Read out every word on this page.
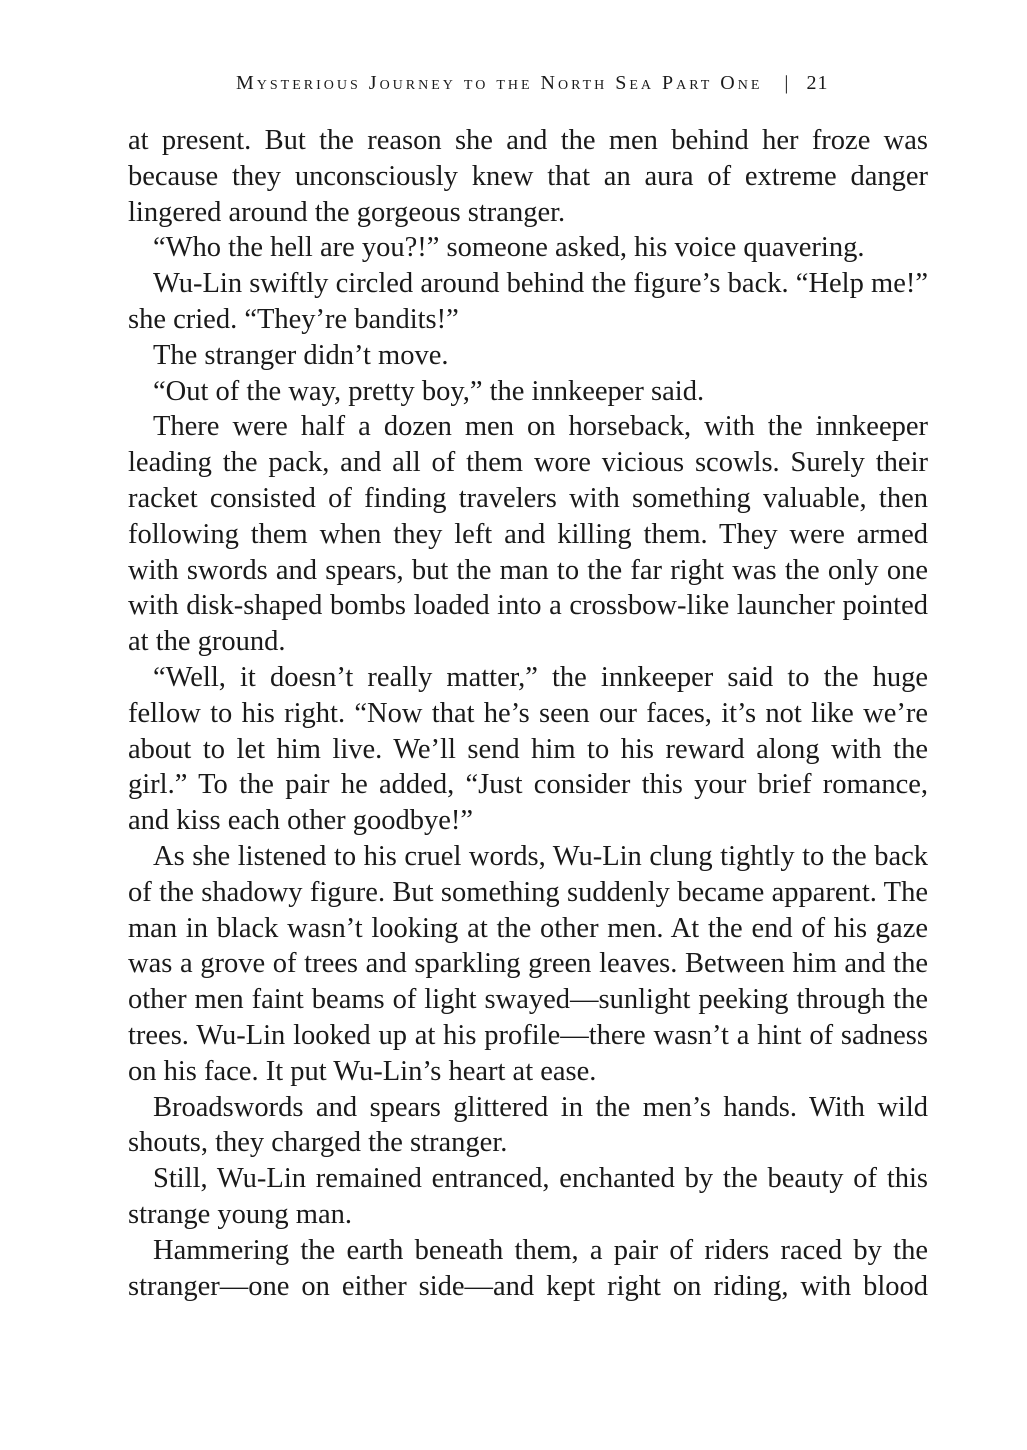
Mysterious Journey to the North Sea Part One | 21

at present. But the reason she and the men behind her froze was because they unconsciously knew that an aura of extreme danger lingered around the gorgeous stranger.

“Who the hell are you?!” someone asked, his voice quavering.

Wu-Lin swiftly circled around behind the figure’s back. “Help me!” she cried. “They’re bandits!”

The stranger didn’t move.

“Out of the way, pretty boy,” the innkeeper said.

There were half a dozen men on horseback, with the innkeeper leading the pack, and all of them wore vicious scowls. Surely their racket consisted of finding travelers with something valuable, then following them when they left and killing them. They were armed with swords and spears, but the man to the far right was the only one with disk-shaped bombs loaded into a crossbow-like launcher pointed at the ground.

“Well, it doesn’t really matter,” the innkeeper said to the huge fellow to his right. “Now that he’s seen our faces, it’s not like we’re about to let him live. We’ll send him to his reward along with the girl.” To the pair he added, “Just consider this your brief romance, and kiss each other goodbye!”

As she listened to his cruel words, Wu-Lin clung tightly to the back of the shadowy figure. But something suddenly became apparent. The man in black wasn’t looking at the other men. At the end of his gaze was a grove of trees and sparkling green leaves. Between him and the other men faint beams of light swayed—sunlight peeking through the trees. Wu-Lin looked up at his profile—there wasn’t a hint of sadness on his face. It put Wu-Lin’s heart at ease.

Broadswords and spears glittered in the men’s hands. With wild shouts, they charged the stranger.

Still, Wu-Lin remained entranced, enchanted by the beauty of this strange young man.

Hammering the earth beneath them, a pair of riders raced by the stranger—one on either side—and kept right on riding, with blood
